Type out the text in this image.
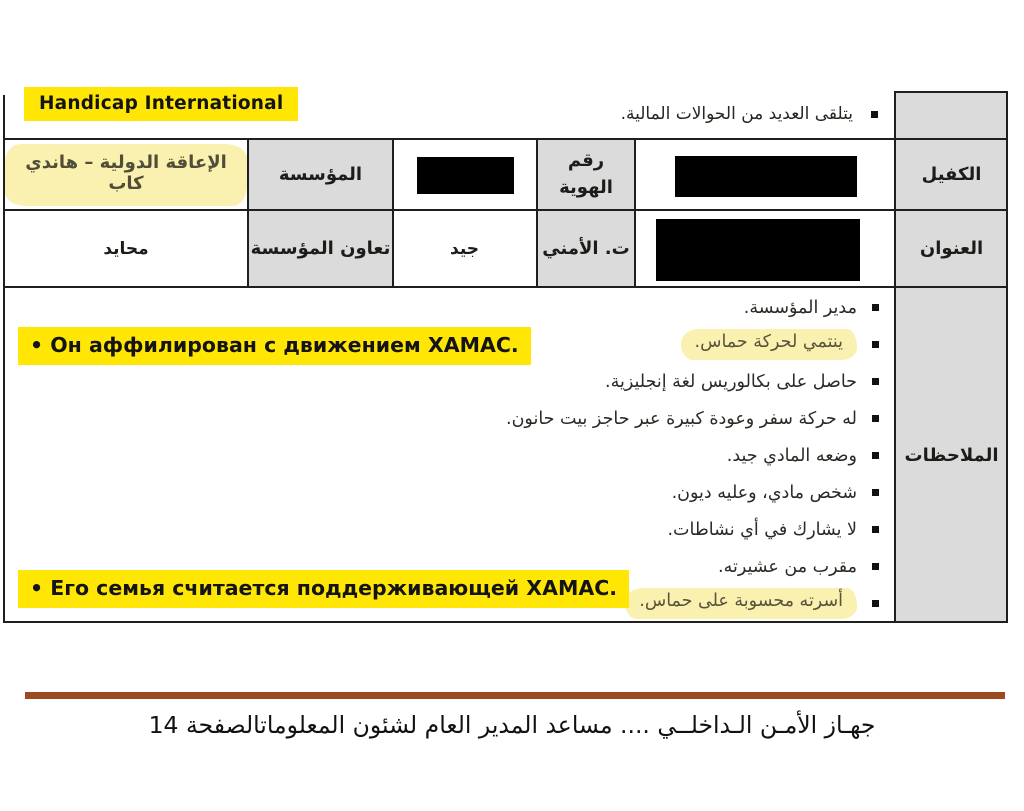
Handicap International	يتلقى العديد من الحوالات المالية.
الكفيل
رقم الهوية
المؤسسة
الإعاقة الدولية – هاندي كاب
العنوان
ت. الأمني
جيد
تعاون المؤسسة
محايد
الملاحظات
مدير المؤسسة.
ينتمي لحركة حماس.
حاصل على بكالوريس لغة إنجليزية.
له حركة سفر وعودة كبيرة عبر حاجز بيت حانون.
وضعه المادي جيد.
شخص مادي، وعليه ديون.
لا يشارك في أي نشاطات.
مقرب من عشيرته.
أسرته محسوبة على حماس.
• Он аффилирован с движением ХАМАС.
• Его семья считается поддерживающей ХАМАС.
جهـاز الأمـن الـداخلــي .... مساعد المدير العام لشئون المعلوماتالصفحة 14
